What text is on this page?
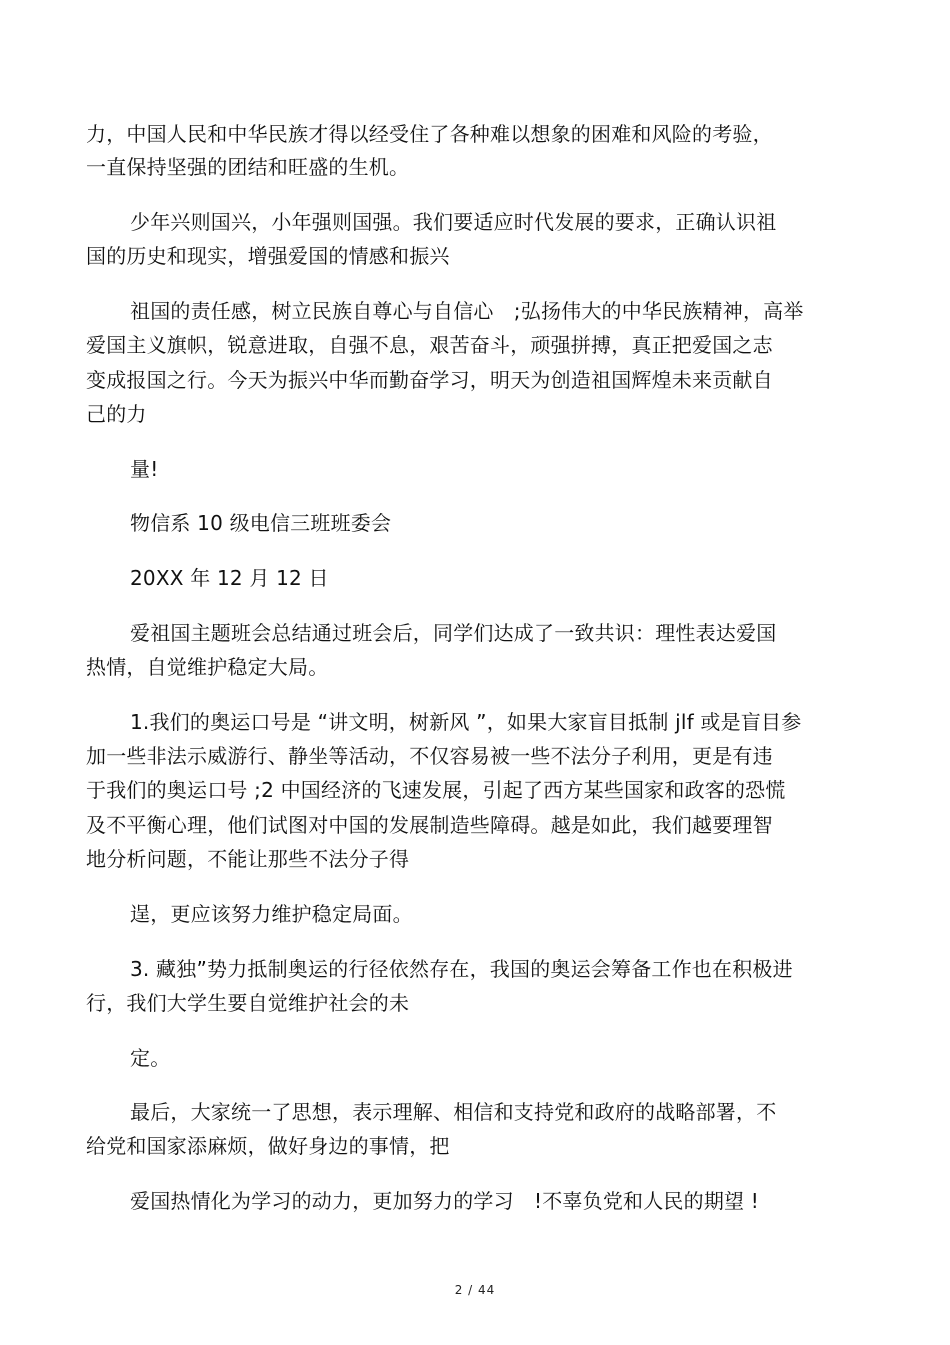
力，中国人民和中华民族才得以经受住了各种难以想象的困难和风险的考验，
一直保持坚强的团结和旺盛的生机。
少年兴则国兴，小年强则国强。我们要适应时代发展的要求，正确认识祖
国的历史和现实，增强爱国的情感和振兴
祖国的责任感，树立民族自尊心与自信心　;弘扬伟大的中华民族精神，高举
爱国主义旗帜，锐意进取，自强不息，艰苦奋斗，顽强拼搏，真正把爱国之志
变成报国之行。今天为振兴中华而勤奋学习，明天为创造祖国辉煌未来贡献自
己的力
量!
物信系 10 级电信三班班委会
20XX 年 12 月 12 日
爱祖国主题班会总结通过班会后，同学们达成了一致共识：理性表达爱国
热情，自觉维护稳定大局。
1.我们的奥运口号是 “讲文明，树新风 ”，如果大家盲目抵制 jlf 或是盲目参
加一些非法示威游行、静坐等活动，不仅容易被一些不法分子利用，更是有违
于我们的奥运口号 ;2 中国经济的飞速发展，引起了西方某些国家和政客的恐慌
及不平衡心理，他们试图对中国的发展制造些障碍。越是如此，我们越要理智
地分析问题，不能让那些不法分子得
逞，更应该努力维护稳定局面。
3. 藏独”势力抵制奥运的行径依然存在，我国的奥运会筹备工作也在积极进
行，我们大学生要自觉维护社会的未
定。
最后，大家统一了思想，表示理解、相信和支持党和政府的战略部署，不
给党和国家添麻烦，做好身边的事情，把
爱国热情化为学习的动力，更加努力的学习　!不辜负党和人民的期望 !
2 / 44
